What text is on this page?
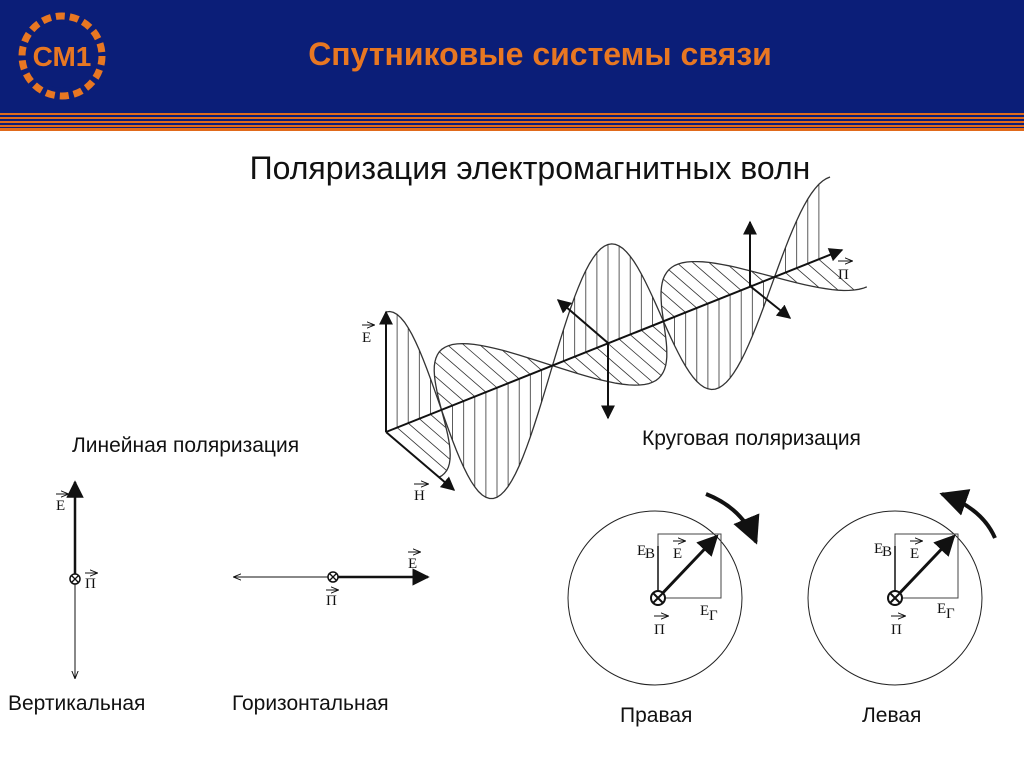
СМ1	Спутниковые системы связи
Поляризация электромагнитных волн
Линейная поляризация	Круговая поляризация
Вертикальная	Горизонтальная
Правая	Левая
E
H
П
E
П
E
П
E
В E
E Г
П
E
В E
E Г
П
